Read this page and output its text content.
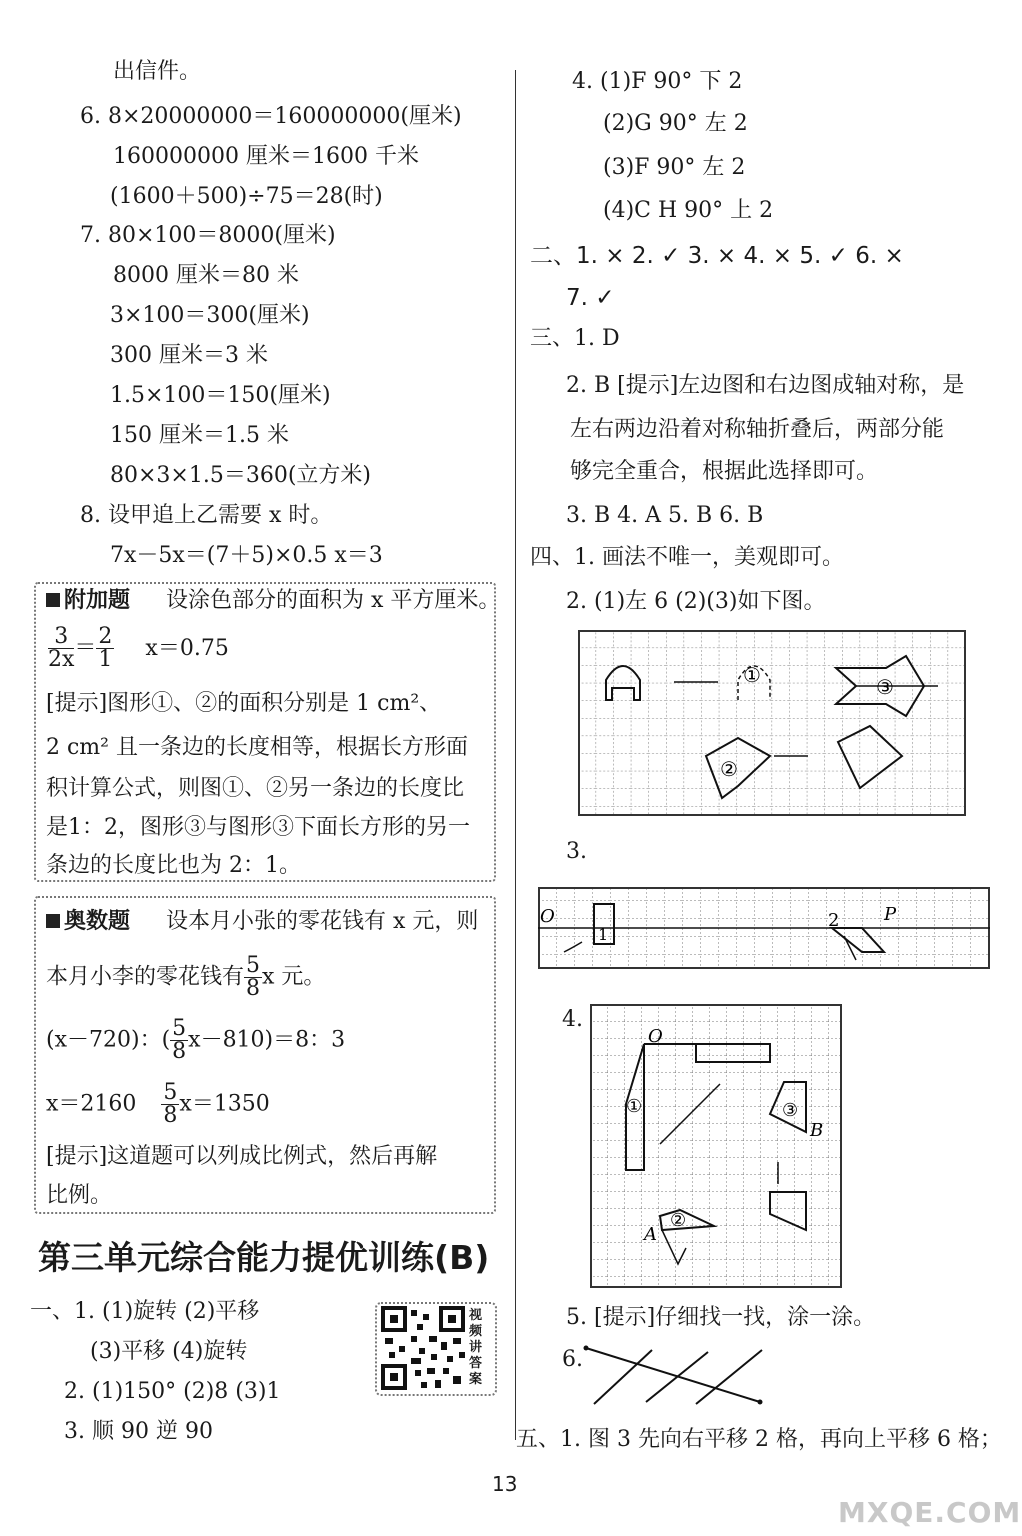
出信件。
6. 8×20000000＝160000000(厘米)
160000000 厘米＝1600 千米
(1600＋500)÷75＝28(时)
7. 80×100＝8000(厘米)
8000 厘米＝80 米
3×100＝300(厘米)
300 厘米＝3 米
1.5×100＝150(厘米)
150 厘米＝1.5 米
80×3×1.5＝360(立方米)
8. 设甲追上乙需要 x 时。
7x－5x＝(7＋5)×0.5 x＝3
附加题 设涂色部分的面积为 x 平方厘米。
$\frac{3}{2x} = \frac{2}{1} x=0.75$
[提示]图形①、②的面积分别是 1 cm²、
2 cm² 且一条边的长度相等，根据长方形面
积计算公式，则图①、②另一条边的长度比
是1：2，图形③与图形③下面长方形的另一
条边的长度比也为 2：1。
奥数题 设本月小张的零花钱有 x 元，则
本月小李的零花钱有 $\frac{5}{8}$ x 元。
(x－720)：( $\frac{5}{8} x-810)=8$：3
$x=2160 \frac{5}{8} x=1350$
[提示]这道题可以列成比例式，然后再解
比例。
第三单元综合能力提优训练(B)
一、1. (1)旋转 (2)平移
(3)平移 (4)旋转
2. (1)150° (2)8 (3)1
3. 顺 90 逆 90
视频讲答案
4. (1)F 90° 下 2
(2)G 90° 左 2
(3)F 90° 左 2
(4)C H 90° 上 2
二、1. × 2. ✓ 3. × 4. × 5. ✓ 6. ×
7. ✓
三、1. D
2. B [提示]左边图和右边图成轴对称，是
左右两边沿着对称轴折叠后，两部分能
够完全重合，根据此选择即可。
3. B 4. A 5. B 6. B
四、1. 画法不唯一，美观即可。
2. (1)左 6 (2)(3)如下图。
①	③
②
3.
O
1
2 P
4.
O
①	③
B
②
A
5. [提示]仔细找一找，涂一涂。
6.
五、1. 图 3 先向右平移 2 格，再向上平移 6 格；
13
MXQE.COM
